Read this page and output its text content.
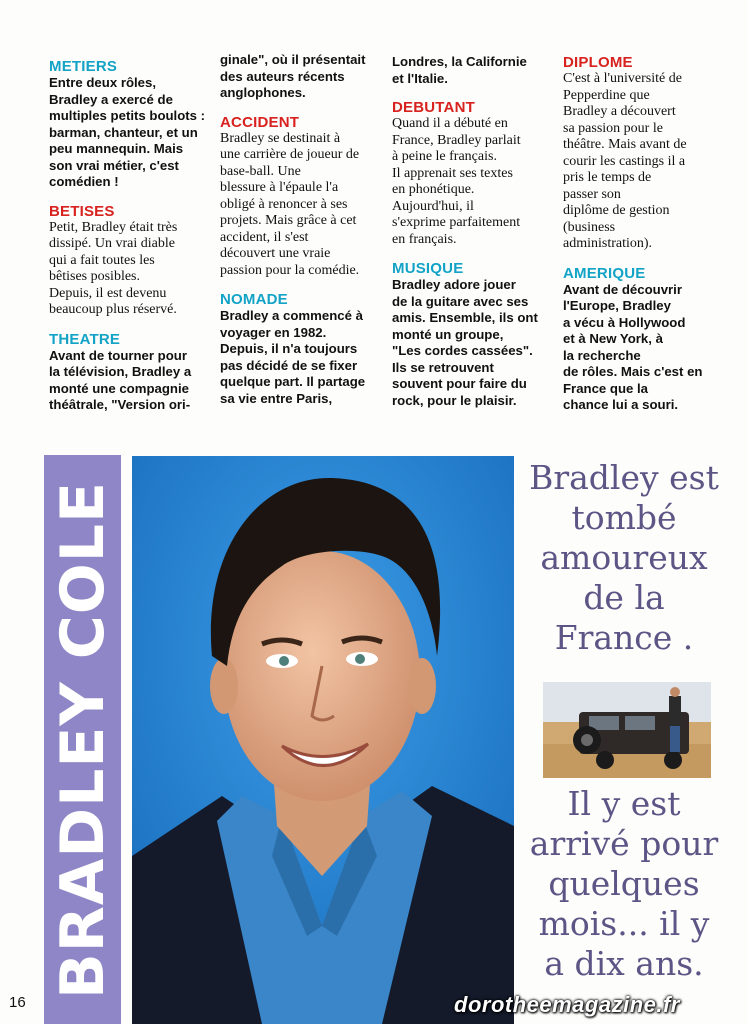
METIERS
Entre deux rôles,
Bradley a exercé de
multiples petits boulots :
barman, chanteur, et un
peu mannequin. Mais
son vrai métier, c'est
comédien !
BETISES
Petit, Bradley était très
dissipé. Un vrai diable
qui a fait toutes les
bêtises posibles.
Depuis, il est devenu
beaucoup plus réservé.
THEATRE
Avant de tourner pour
la télévision, Bradley a
monté une compagnie
théâtrale, "Version ori-
ginale", où il présentait
des auteurs récents
anglophones.
ACCIDENT
Bradley se destinait à
une carrière de joueur de
base-ball. Une
blessure à l'épaule l'a
obligé à renoncer à ses
projets. Mais grâce à cet
accident, il s'est
découvert une vraie
passion pour la comédie.
NOMADE
Bradley a commencé à
voyager en 1982.
Depuis, il n'a toujours
pas décidé de se fixer
quelque part. Il partage
sa vie entre Paris,
Londres, la Californie
et l'Italie.
DEBUTANT
Quand il a débuté en
France, Bradley parlait
à peine le français.
Il apprenait ses textes
en phonétique.
Aujourd'hui, il
s'exprime parfaitement
en français.
MUSIQUE
Bradley adore jouer
de la guitare avec ses
amis. Ensemble, ils ont
monté un groupe,
"Les cordes cassées".
Ils se retrouvent
souvent pour faire du
rock, pour le plaisir.
DIPLOME
C'est à l'université de
Pepperdine que
Bradley a découvert
sa passion pour le
théâtre. Mais avant de
courir les castings il a
pris le temps de
passer son
diplôme de gestion
(business
administration).
AMERIQUE
Avant de découvrir
l'Europe, Bradley
a vécu à Hollywood
et à New York, à
la recherche
de rôles. Mais c'est en
France que la
chance lui a souri.
BRADLEY COLE
Bradley est tombé amoureux de la France .
Il y est arrivé pour quelques mois... il y a dix ans.
16	dorotheemagazine.fr
